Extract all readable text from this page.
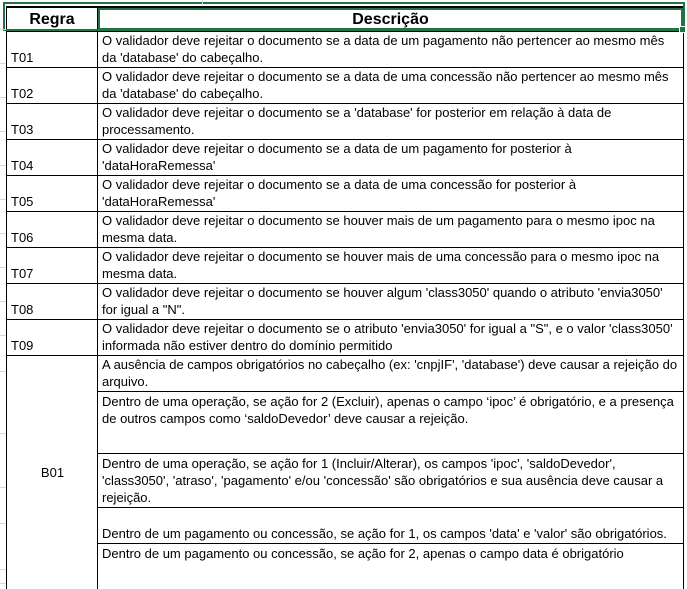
Regra	Descrição
T01	O validador deve rejeitar o documento se a data de um pagamento não pertencer ao mesmo mês da 'database' do cabeçalho.
T02	O validador deve rejeitar o documento se a data de uma concessão não pertencer ao mesmo mês da 'database' do cabeçalho.
T03	O validador deve rejeitar o documento se a 'database' for posterior em relação à data de processamento.
T04	O validador deve rejeitar o documento se a data de um pagamento for posterior à 'dataHoraRemessa'
T05	O validador deve rejeitar o documento se a data de uma concessão for posterior à 'dataHoraRemessa'
T06	O validador deve rejeitar o documento se houver mais de um pagamento para o mesmo ipoc na mesma data.
T07	O validador deve rejeitar o documento se houver mais de uma concessão para o mesmo ipoc na mesma data.
T08	O validador deve rejeitar o documento se houver algum 'class3050' quando o atributo 'envia3050' for igual a "N".
T09	O validador deve rejeitar o documento se o atributo 'envia3050' for igual a "S", e o valor 'class3050' informada não estiver dentro do domínio permitido
B01	A ausência de campos obrigatórios no cabeçalho (ex: 'cnpjIF', 'database') deve causar a rejeição do arquivo.
	Dentro de uma operação, se ação for 2 (Excluir), apenas o campo ‘ipoc’ é obrigatório, e a presença de outros campos como ‘saldoDevedor’ deve causar a rejeição.
	Dentro de uma operação, se ação for 1 (Incluir/Alterar), os campos 'ipoc', 'saldoDevedor', 'class3050', 'atraso', 'pagamento' e/ou 'concessão' são obrigatórios e sua ausência deve causar a rejeição.
	Dentro de um pagamento ou concessão, se ação for 1, os campos 'data' e 'valor' são obrigatórios.
	Dentro de um pagamento ou concessão, se ação for 2, apenas o campo data é obrigatório
